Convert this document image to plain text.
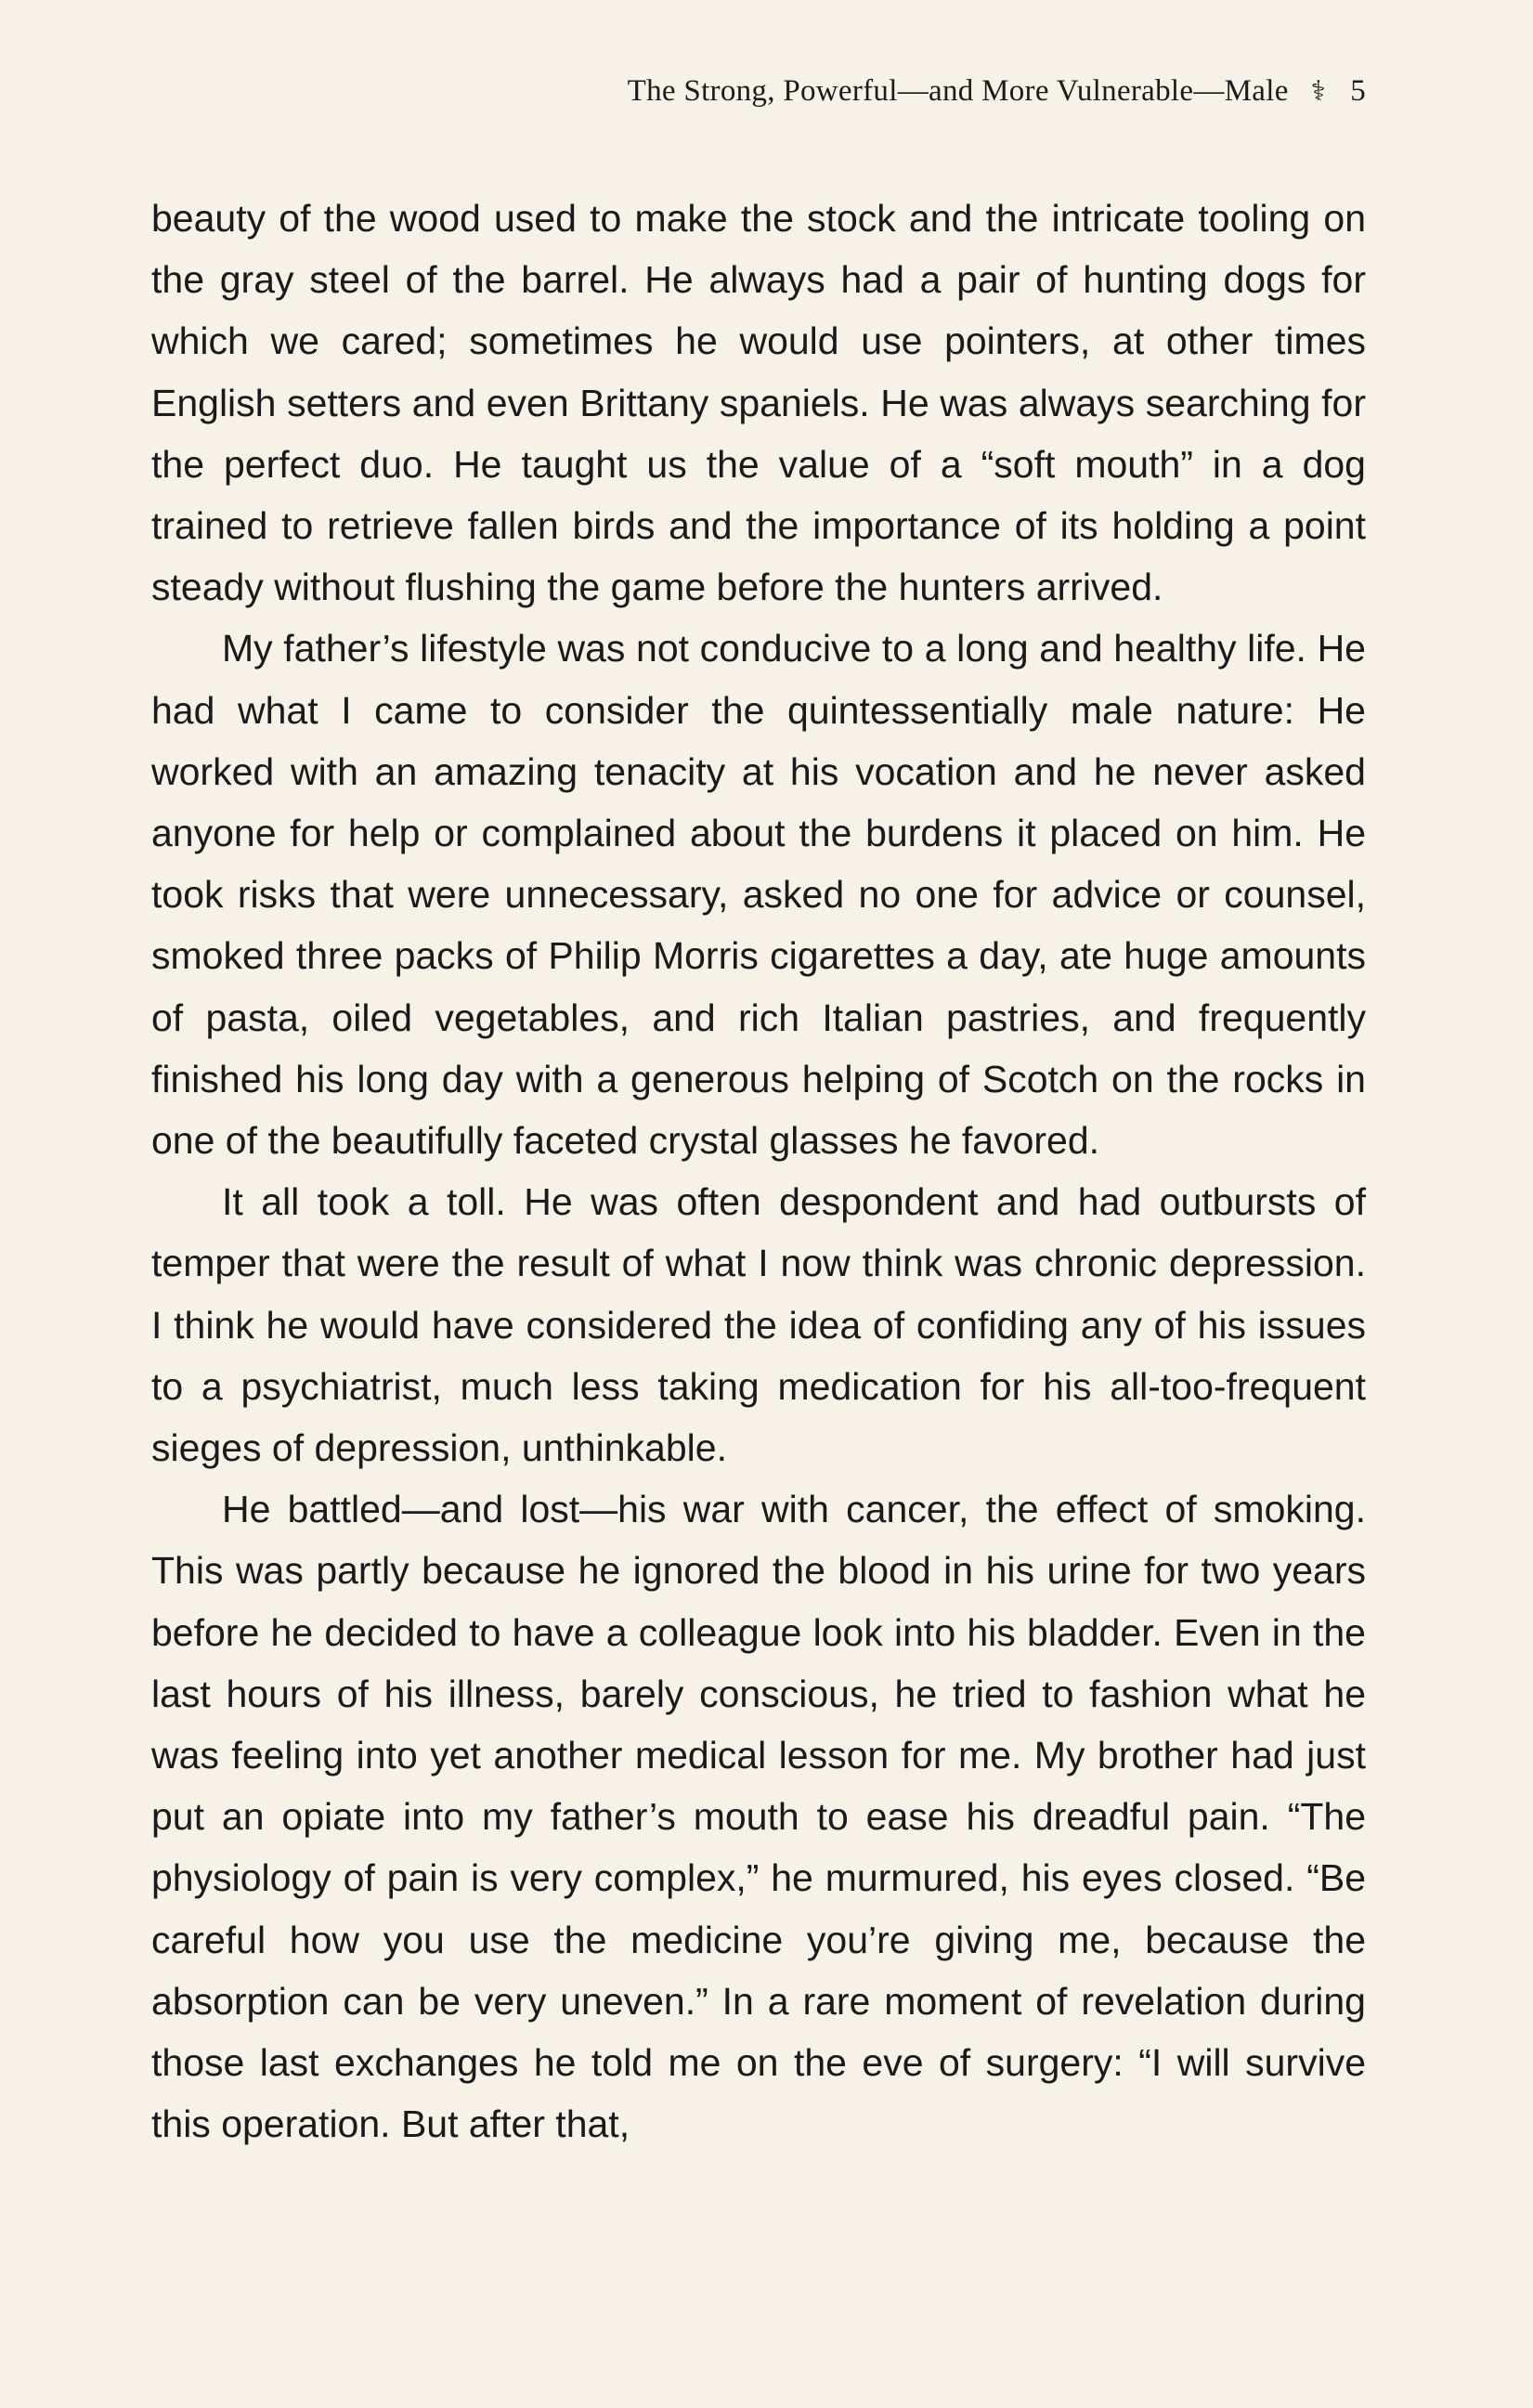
The Strong, Powerful—and More Vulnerable—Male ⚕ 5

beauty of the wood used to make the stock and the intricate tooling on the gray steel of the barrel. He always had a pair of hunting dogs for which we cared; sometimes he would use pointers, at other times English setters and even Brittany spaniels. He was always searching for the perfect duo. He taught us the value of a “soft mouth” in a dog trained to retrieve fallen birds and the importance of its holding a point steady without flushing the game before the hunters arrived.

My father’s lifestyle was not conducive to a long and healthy life. He had what I came to consider the quintessentially male nature: He worked with an amazing tenacity at his vocation and he never asked anyone for help or complained about the burdens it placed on him. He took risks that were unnecessary, asked no one for advice or counsel, smoked three packs of Philip Morris cigarettes a day, ate huge amounts of pasta, oiled vegetables, and rich Italian pastries, and frequently finished his long day with a generous helping of Scotch on the rocks in one of the beautifully faceted crystal glasses he favored.

It all took a toll. He was often despondent and had outbursts of temper that were the result of what I now think was chronic depression. I think he would have considered the idea of confiding any of his issues to a psychiatrist, much less taking medication for his all-too-frequent sieges of depression, unthinkable.

He battled—and lost—his war with cancer, the effect of smoking. This was partly because he ignored the blood in his urine for two years before he decided to have a colleague look into his bladder. Even in the last hours of his illness, barely conscious, he tried to fashion what he was feeling into yet another medical lesson for me. My brother had just put an opiate into my father’s mouth to ease his dreadful pain. “The physiology of pain is very complex,” he murmured, his eyes closed. “Be careful how you use the medicine you’re giving me, because the absorption can be very uneven.” In a rare moment of revelation during those last exchanges he told me on the eve of surgery: “I will survive this operation. But after that,
